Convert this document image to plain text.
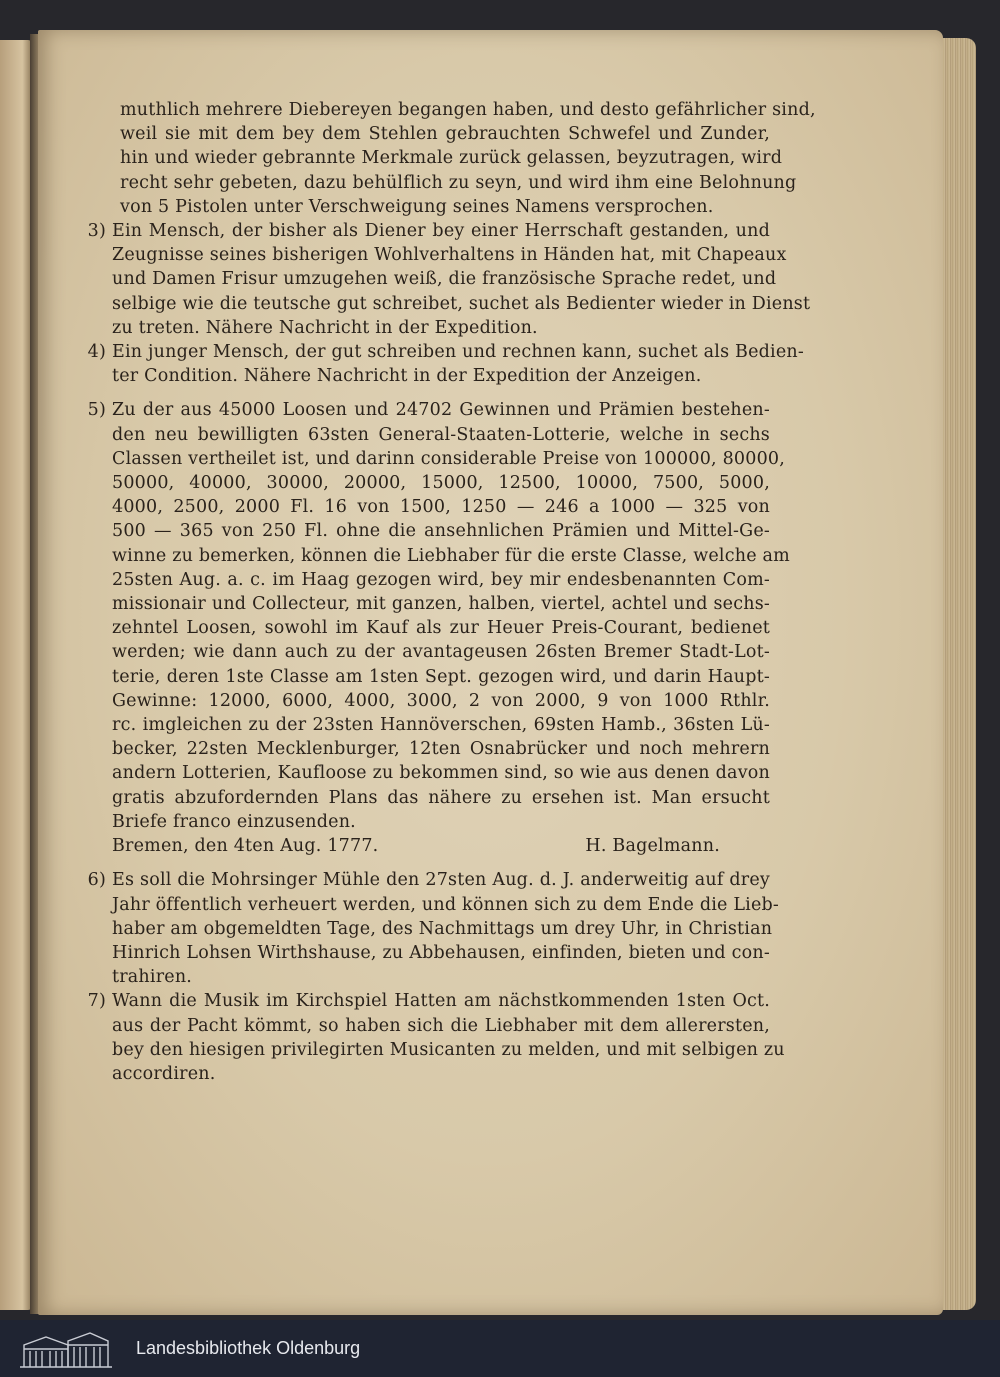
muthlich mehrere Diebereyen begangen haben, und desto gefährlicher sind,
weil sie mit dem bey dem Stehlen gebrauchten Schwefel und Zunder,
hin und wieder gebrannte Merkmale zurück gelassen, beyzutragen, wird
recht sehr gebeten, dazu behülflich zu seyn, und wird ihm eine Belohnung
von 5 Pistolen unter Verschweigung seines Namens versprochen.
3) Ein Mensch, der bisher als Diener bey einer Herrschaft gestanden, und
Zeugnisse seines bisherigen Wohlverhaltens in Händen hat, mit Chapeaux
und Damen Frisur umzugehen weiß, die französische Sprache redet, und
selbige wie die teutsche gut schreibet, suchet als Bedienter wieder in Dienst
zu treten. Nähere Nachricht in der Expedition.
4) Ein junger Mensch, der gut schreiben und rechnen kann, suchet als Bedien-
ter Condition. Nähere Nachricht in der Expedition der Anzeigen.
5) Zu der aus 45000 Loosen und 24702 Gewinnen und Prämien bestehen-
den neu bewilligten 63sten General-Staaten-Lotterie, welche in sechs
Classen vertheilet ist, und darinn considerable Preise von 100000, 80000,
50000, 40000, 30000, 20000, 15000, 12500, 10000, 7500, 5000,
4000, 2500, 2000 Fl. 16 von 1500, 1250 — 246 a 1000 — 325 von
500 — 365 von 250 Fl. ohne die ansehnlichen Prämien und Mittel-Ge-
winne zu bemerken, können die Liebhaber für die erste Classe, welche am
25sten Aug. a. c. im Haag gezogen wird, bey mir endesbenannten Com-
missionair und Collecteur, mit ganzen, halben, viertel, achtel und sechs-
zehntel Loosen, sowohl im Kauf als zur Heuer Preis-Courant, bedienet
werden; wie dann auch zu der avantageusen 26sten Bremer Stadt-Lot-
terie, deren 1ste Classe am 1sten Sept. gezogen wird, und darin Haupt-
Gewinne: 12000, 6000, 4000, 3000, 2 von 2000, 9 von 1000 Rthlr.
rc. imgleichen zu der 23sten Hannöverschen, 69sten Hamb., 36sten Lü-
becker, 22sten Mecklenburger, 12ten Osnabrücker und noch mehrern
andern Lotterien, Kaufloose zu bekommen sind, so wie aus denen davon
gratis abzufordernden Plans das nähere zu ersehen ist. Man ersucht
Briefe franco einzusenden.
Bremen, den 4ten Aug. 1777.	H. Bagelmann.
6) Es soll die Mohrsinger Mühle den 27sten Aug. d. J. anderweitig auf drey
Jahr öffentlich verheuert werden, und können sich zu dem Ende die Lieb-
haber am obgemeldten Tage, des Nachmittags um drey Uhr, in Christian
Hinrich Lohsen Wirthshause, zu Abbehausen, einfinden, bieten und con-
trahiren.
7) Wann die Musik im Kirchspiel Hatten am nächstkommenden 1sten Oct.
aus der Pacht kömmt, so haben sich die Liebhaber mit dem allerersten,
bey den hiesigen privilegirten Musicanten zu melden, und mit selbigen zu
accordiren.
Landesbibliothek Oldenburg
